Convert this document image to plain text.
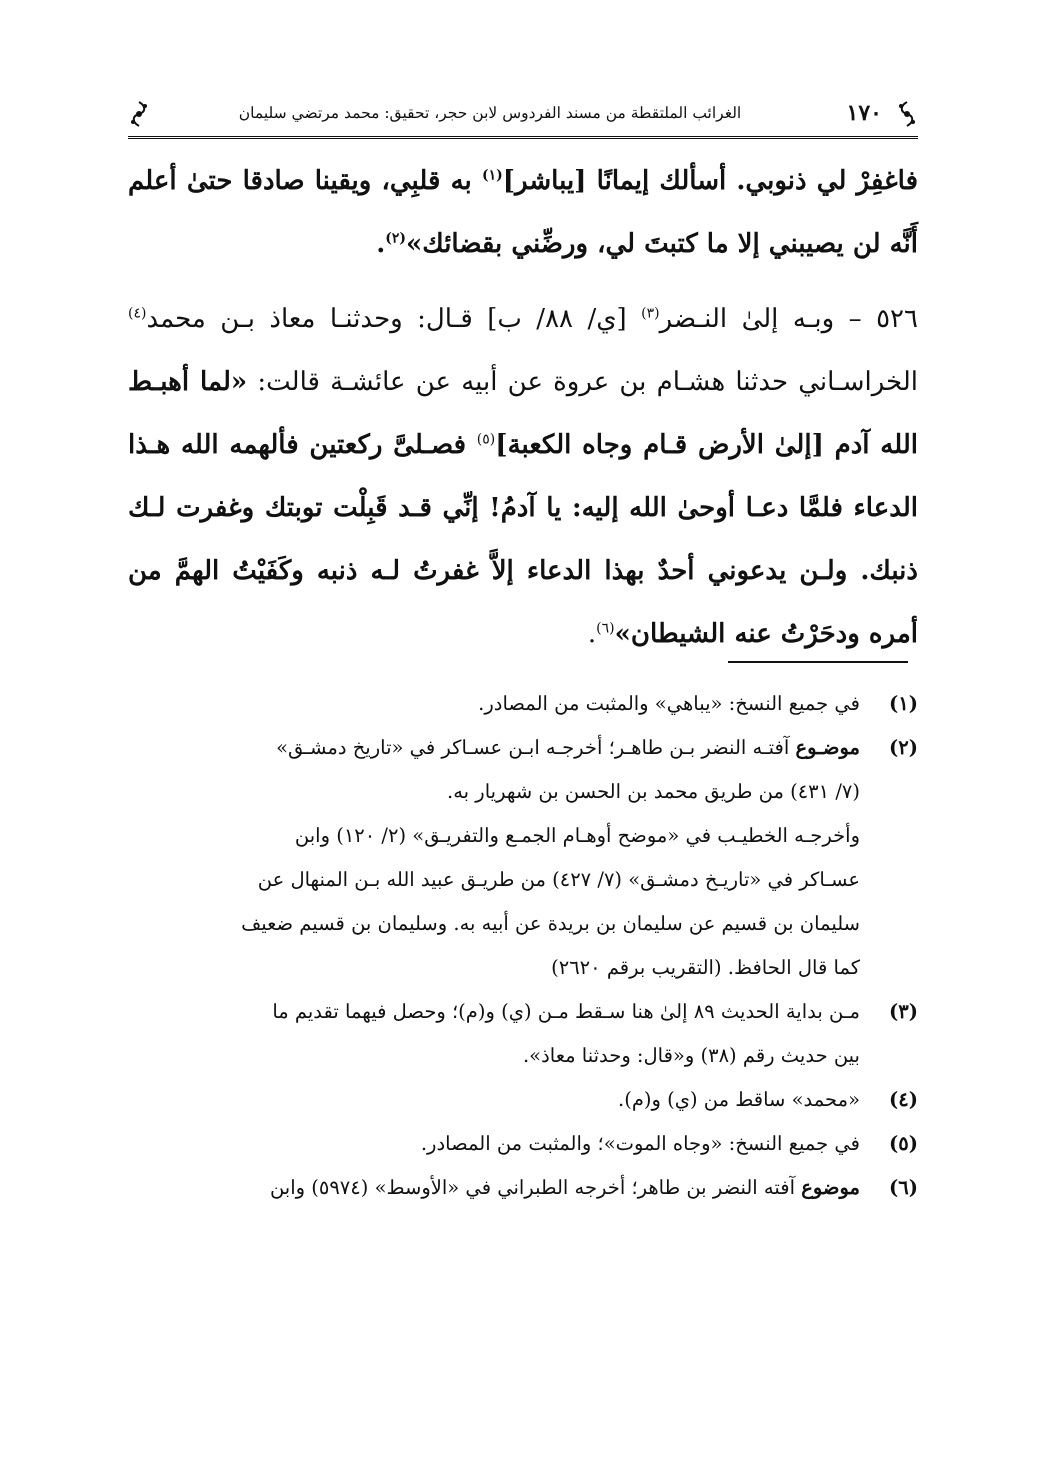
١٧٠
الغرائب الملتقطة من مسند الفردوس لابن حجر، تحقيق: محمد مرتضي سليمان

فاغفِرْ لي ذنوبي. أسألك إيمانًا [يباشر]$^{(١)}$ به قلبِي، ويقينا صادقا حتىٰ أعلم أَنَّه لن يصيبني إلا ما كتبتَ لي، ورضِّني بقضائك»$^{(٢)}$.

٥٢٦ – وبـه إلىٰ النـضر$^{(٣)}$ [ي/ ٨٨/ ب] قـال: وحدثنـا معاذ بـن محمد$^{(٤)}$ الخراسـاني حدثنا هشـام بن عروة عن أبيه عن عائشـة قالت: «لما أهبـط الله آدم [إلىٰ الأرض قـام وجاه الكعبة]$^{(٥)}$ فصـلىَّ ركعتين فألهمه الله هـذا الدعاء فلمَّا دعـا أوحىٰ الله إليه: يا آدمُ! إنِّي قـد قَبِلْت توبتك وغفرت لـك ذنبك. ولـن يدعوني أحدٌ بهذا الدعاء إلاَّ غفرتُ لـه ذنبه وكَفَيْتُ الهمَّ من أمره ودحَرْتُ عنه الشيطان»$^{(٦)}$.

(١)
في جميع النسخ: «يباهي» والمثبت من المصادر.
(٢)
موضـوع آفتـه النضر بـن طاهـر؛ أخرجـه ابـن عسـاكر في «تاريخ دمشـق»
(٧/ ٤٣١) من طريق محمد بن الحسن بن شهريار به.
وأخرجـه الخطيـب في «موضح أوهـام الجمـع والتفريـق» (٢/ ١٢٠) وابن
عسـاكر في «تاريـخ دمشـق» (٧/ ٤٢٧) من طريـق عبيد الله بـن المنهال عن
سليمان بن قسيم عن سليمان بن بريدة عن أبيه به. وسليمان بن قسيم ضعيف
كما قال الحافظ. (التقريب برقم ٢٦٢٠)
(٣)
مـن بداية الحديث ٨٩ إلىٰ هنا سـقط مـن (ي) و(م)؛ وحصل فيهما تقديم ما
بين حديث رقم (٣٨) و«قال: وحدثنا معاذ».
(٤)
«محمد» ساقط من (ي) و(م).
(٥)
في جميع النسخ: «وجاه الموت»؛ والمثبت من المصادر.
(٦)
موضوع آفته النضر بن طاهر؛ أخرجه الطبراني في «الأوسط» (٥٩٧٤) وابن
